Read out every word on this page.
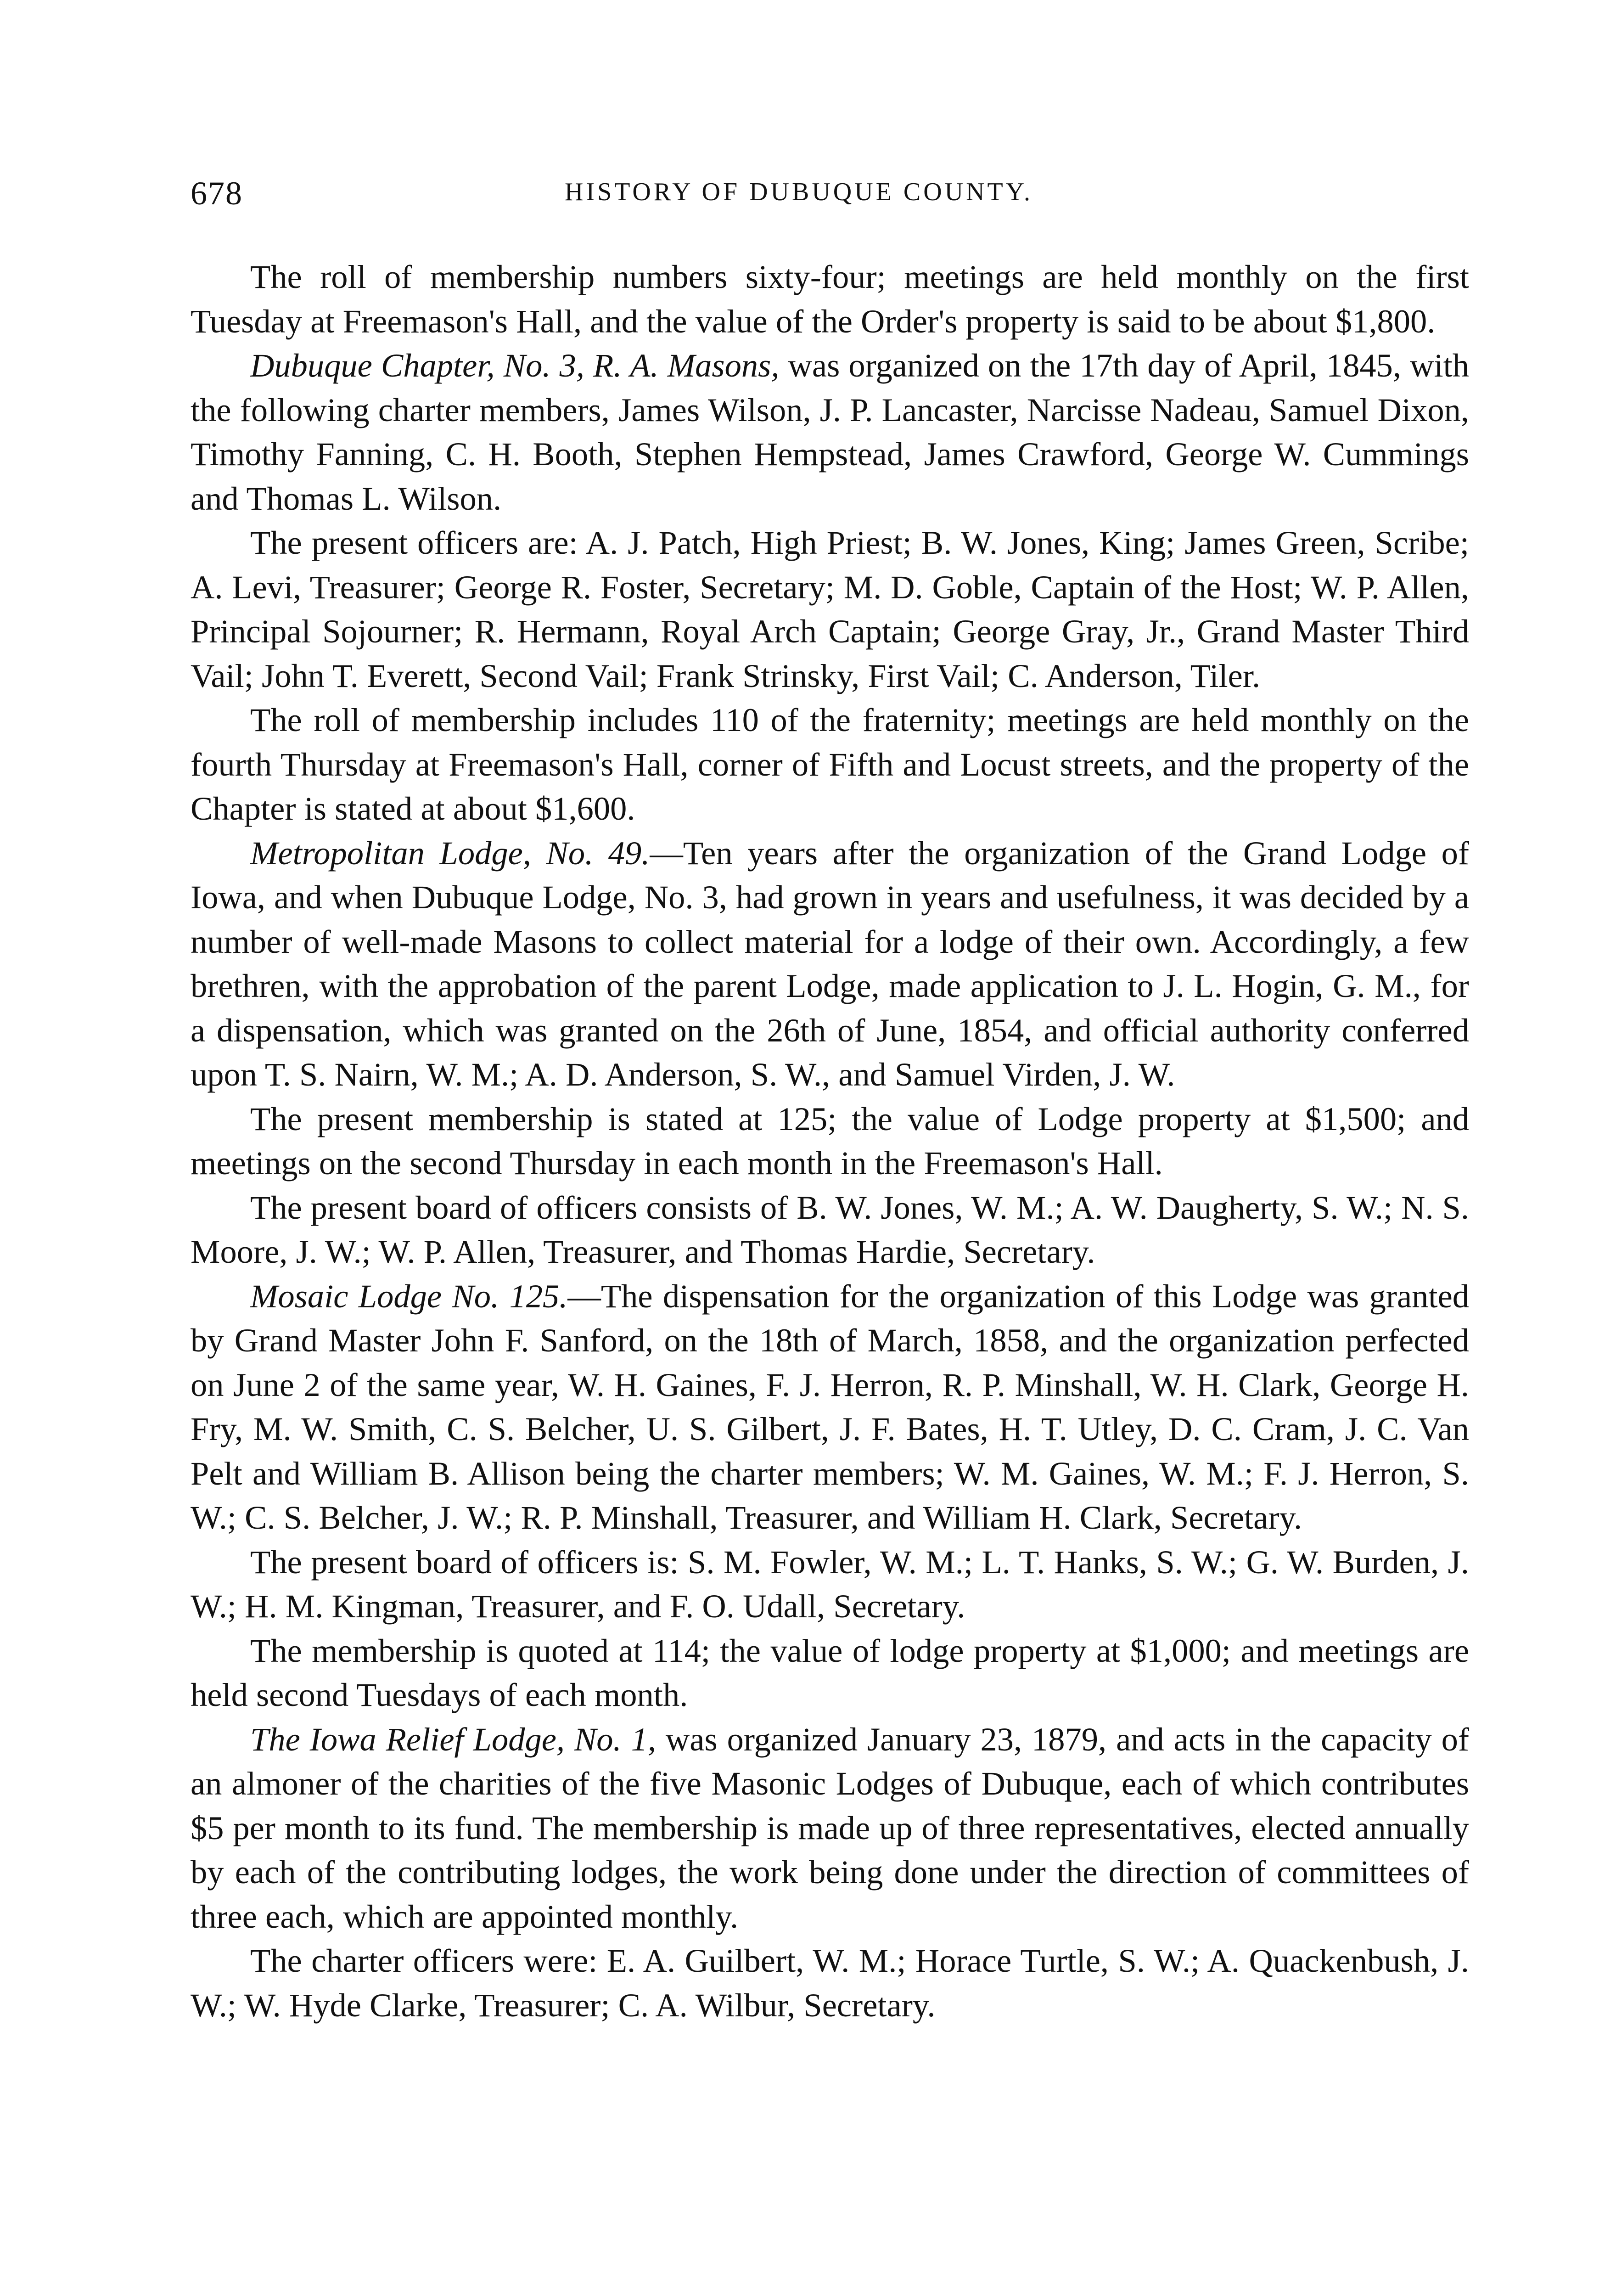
678	HISTORY OF DUBUQUE COUNTY.

The roll of membership numbers sixty-four; meetings are held monthly on the first Tuesday at Freemason's Hall, and the value of the Order's property is said to be about $1,800.

Dubuque Chapter, No. 3, R. A. Masons, was organized on the 17th day of April, 1845, with the following charter members, James Wilson, J. P. Lancaster, Narcisse Nadeau, Samuel Dixon, Timothy Fanning, C. H. Booth, Stephen Hempstead, James Crawford, George W. Cummings and Thomas L. Wilson.

The present officers are: A. J. Patch, High Priest; B. W. Jones, King; James Green, Scribe; A. Levi, Treasurer; George R. Foster, Secretary; M. D. Goble, Captain of the Host; W. P. Allen, Principal Sojourner; R. Hermann, Royal Arch Captain; George Gray, Jr., Grand Master Third Vail; John T. Everett, Second Vail; Frank Strinsky, First Vail; C. Anderson, Tiler.

The roll of membership includes 110 of the fraternity; meetings are held monthly on the fourth Thursday at Freemason's Hall, corner of Fifth and Locust streets, and the property of the Chapter is stated at about $1,600.

Metropolitan Lodge, No. 49.—Ten years after the organization of the Grand Lodge of Iowa, and when Dubuque Lodge, No. 3, had grown in years and usefulness, it was decided by a number of well-made Masons to collect material for a lodge of their own. Accordingly, a few brethren, with the approbation of the parent Lodge, made application to J. L. Hogin, G. M., for a dispensation, which was granted on the 26th of June, 1854, and official authority conferred upon T. S. Nairn, W. M.; A. D. Anderson, S. W., and Samuel Virden, J. W.

The present membership is stated at 125; the value of Lodge property at $1,500; and meetings on the second Thursday in each month in the Freemason's Hall.

The present board of officers consists of B. W. Jones, W. M.; A. W. Daugherty, S. W.; N. S. Moore, J. W.; W. P. Allen, Treasurer, and Thomas Hardie, Secretary.

Mosaic Lodge No. 125.—The dispensation for the organization of this Lodge was granted by Grand Master John F. Sanford, on the 18th of March, 1858, and the organization perfected on June 2 of the same year, W. H. Gaines, F. J. Herron, R. P. Minshall, W. H. Clark, George H. Fry, M. W. Smith, C. S. Belcher, U. S. Gilbert, J. F. Bates, H. T. Utley, D. C. Cram, J. C. Van Pelt and William B. Allison being the charter members; W. M. Gaines, W. M.; F. J. Herron, S. W.; C. S. Belcher, J. W.; R. P. Minshall, Treasurer, and William H. Clark, Secretary.

The present board of officers is: S. M. Fowler, W. M.; L. T. Hanks, S. W.; G. W. Burden, J. W.; H. M. Kingman, Treasurer, and F. O. Udall, Secretary.

The membership is quoted at 114; the value of lodge property at $1,000; and meetings are held second Tuesdays of each month.

The Iowa Relief Lodge, No. 1, was organized January 23, 1879, and acts in the capacity of an almoner of the charities of the five Masonic Lodges of Dubuque, each of which contributes $5 per month to its fund. The membership is made up of three representatives, elected annually by each of the contributing lodges, the work being done under the direction of committees of three each, which are appointed monthly.

The charter officers were: E. A. Guilbert, W. M.; Horace Turtle, S. W.; A. Quackenbush, J. W.; W. Hyde Clarke, Treasurer; C. A. Wilbur, Secretary.
